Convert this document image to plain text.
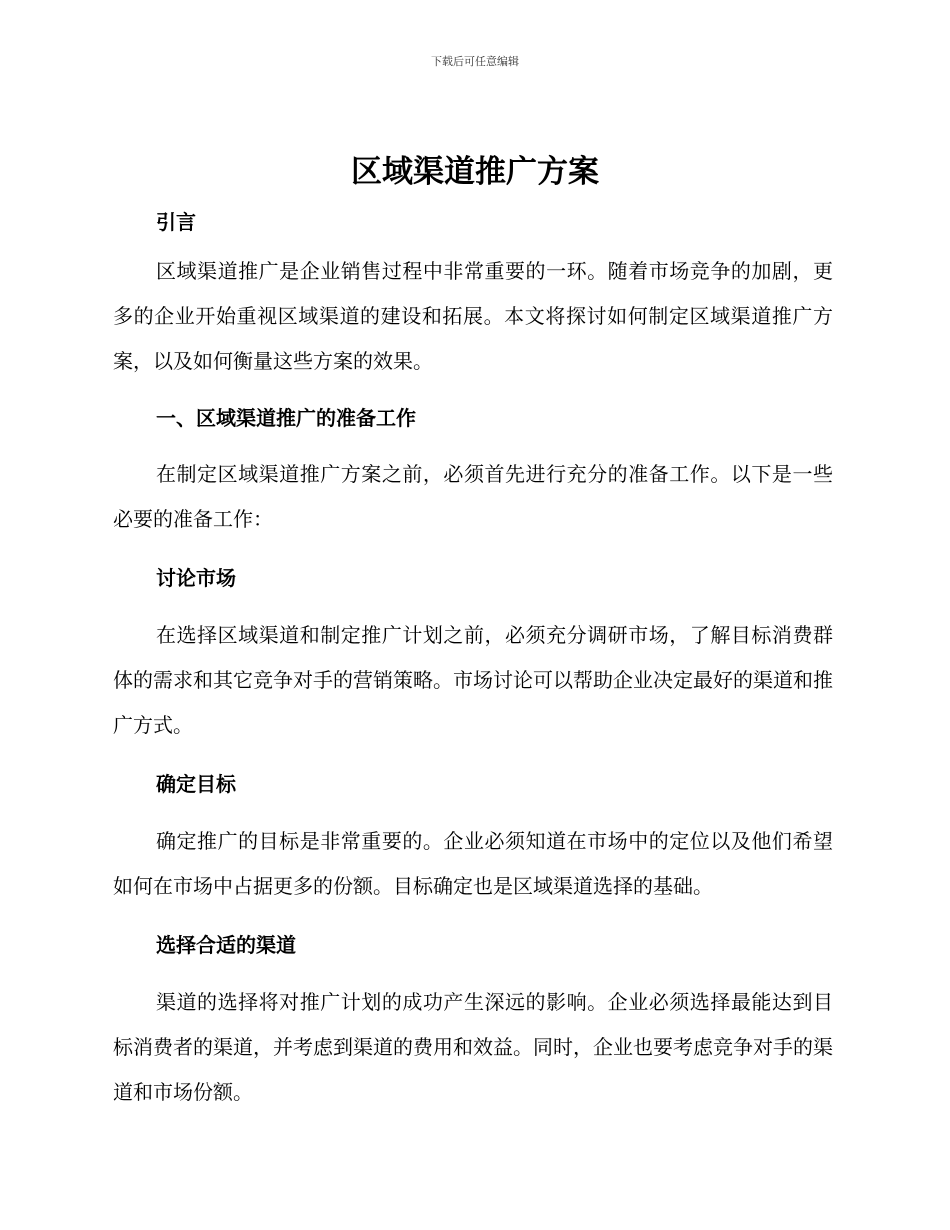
下载后可任意编辑
区域渠道推广方案
引言

区域渠道推广是企业销售过程中非常重要的一环。随着市场竞争的加剧，更多的企业开始重视区域渠道的建设和拓展。本文将探讨如何制定区域渠道推广方案，以及如何衡量这些方案的效果。

一、区域渠道推广的准备工作

在制定区域渠道推广方案之前，必须首先进行充分的准备工作。以下是一些必要的准备工作：

讨论市场

在选择区域渠道和制定推广计划之前，必须充分调研市场，了解目标消费群体的需求和其它竞争对手的营销策略。市场讨论可以帮助企业决定最好的渠道和推广方式。

确定目标

确定推广的目标是非常重要的。企业必须知道在市场中的定位以及他们希望如何在市场中占据更多的份额。目标确定也是区域渠道选择的基础。

选择合适的渠道

渠道的选择将对推广计划的成功产生深远的影响。企业必须选择最能达到目标消费者的渠道，并考虑到渠道的费用和效益。同时，企业也要考虑竞争对手的渠道和市场份额。
